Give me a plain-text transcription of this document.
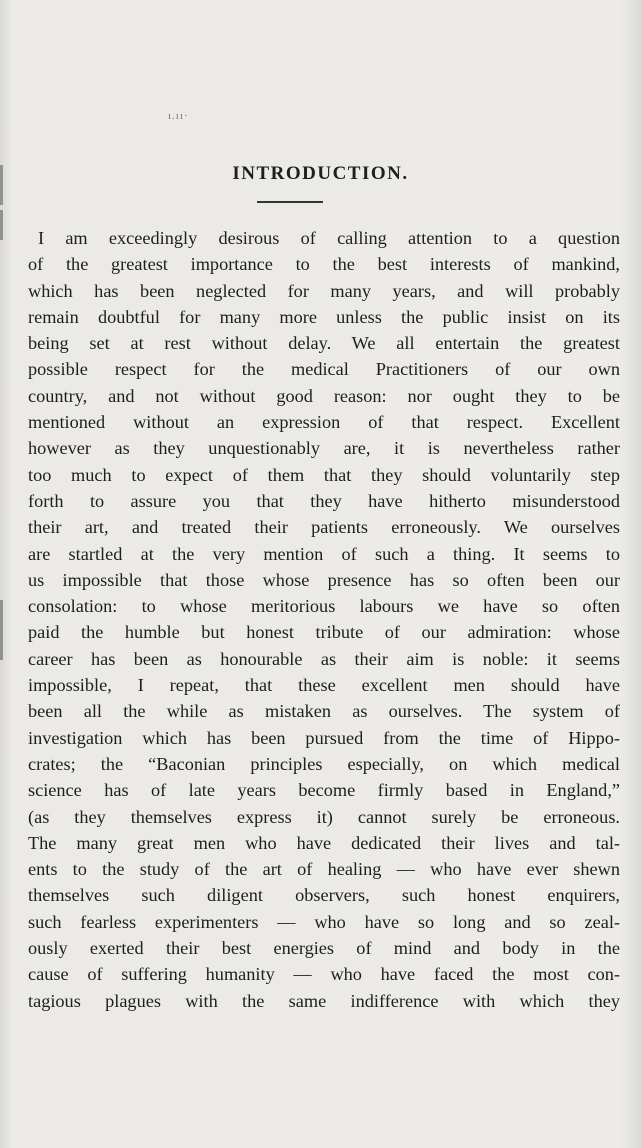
ı.ıı·
INTRODUCTION.
I am exceedingly desirous of calling attention to a question
of the greatest importance to the best interests of mankind,
which has been neglected for many years, and will probably
remain doubtful for many more unless the public insist on its
being set at rest without delay. We all entertain the greatest
possible respect for the medical Practitioners of our own
country, and not without good reason: nor ought they to be
mentioned without an expression of that respect. Excellent
however as they unquestionably are, it is nevertheless rather
too much to expect of them that they should voluntarily step
forth to assure you that they have hitherto misunderstood
their art, and treated their patients erroneously. We ourselves
are startled at the very mention of such a thing. It seems to
us impossible that those whose presence has so often been our
consolation: to whose meritorious labours we have so often
paid the humble but honest tribute of our admiration: whose
career has been as honourable as their aim is noble: it seems
impossible, I repeat, that these excellent men should have
been all the while as mistaken as ourselves. The system of
investigation which has been pursued from the time of Hippo-
crates; the “Baconian principles especially, on which medical
science has of late years become firmly based in England,”
(as they themselves express it) cannot surely be erroneous.
The many great men who have dedicated their lives and tal-
ents to the study of the art of healing — who have ever shewn
themselves such diligent observers, such honest enquirers,
such fearless experimenters — who have so long and so zeal-
ously exerted their best energies of mind and body in the
cause of suffering humanity — who have faced the most con-
tagious plagues with the same indifference with which they
